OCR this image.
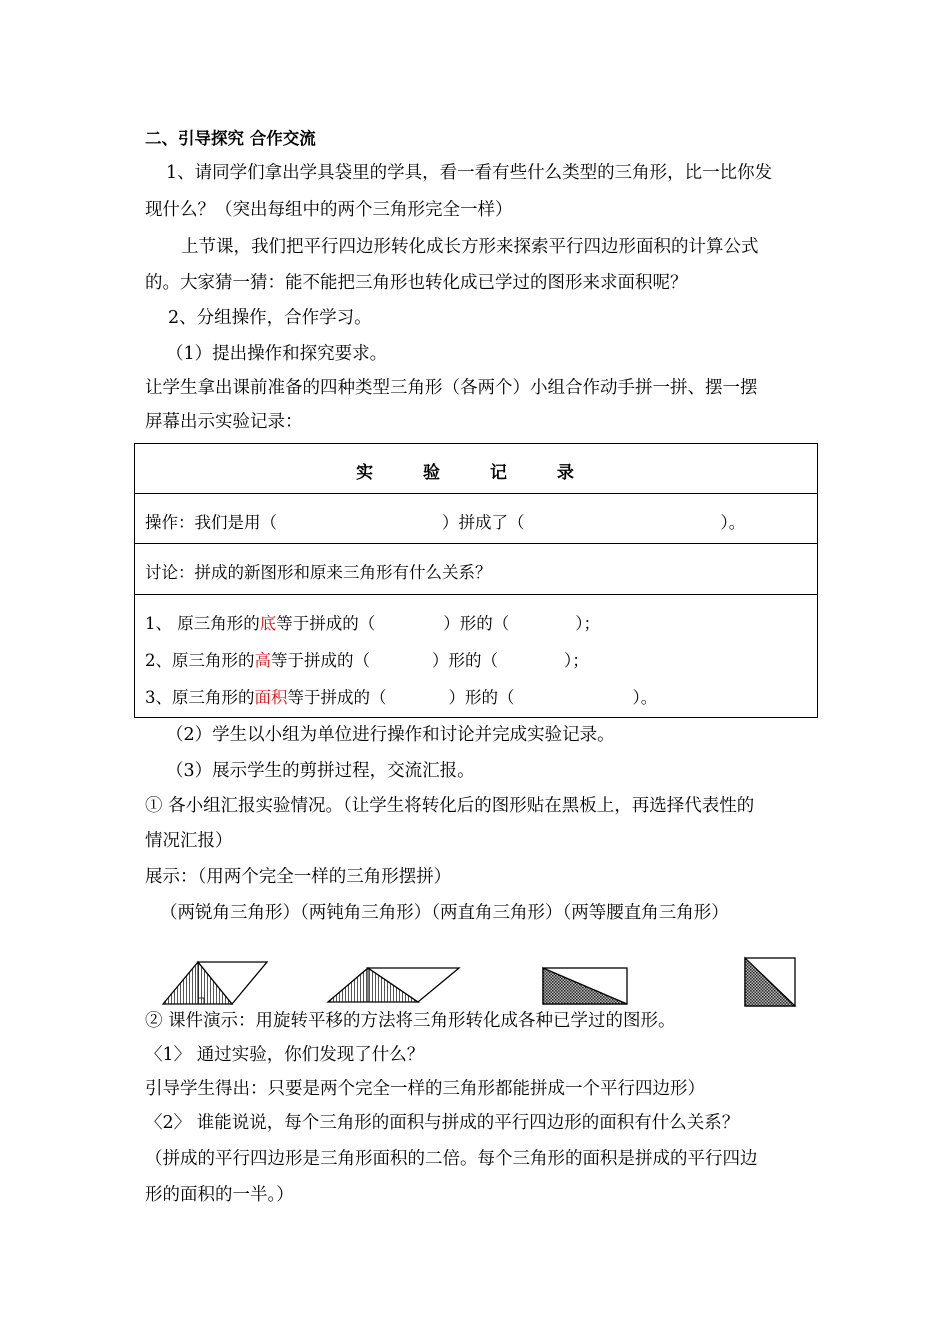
二、引导探究 合作交流
1、请同学们拿出学具袋里的学具，看一看有些什么类型的三角形，比一比你发
现什么？（突出每组中的两个三角形完全一样）
上节课，我们把平行四边形转化成长方形来探索平行四边形面积的计算公式
的。大家猜一猜：能不能把三角形也转化成已学过的图形来求面积呢？
2、分组操作，合作学习。
（1）提出操作和探究要求。
让学生拿出课前准备的四种类型三角形（各两个）小组合作动手拼一拼、摆一摆
屏幕出示实验记录：
实 验 记 录
操作：我们是用（	）拼成了（	）。
讨论：拼成的新图形和原来三角形有什么关系？
1、 原三角形的底等于拼成的（	）形的（	）；
2、原三角形的高等于拼成的（	）形的（	）；
3、原三角形的面积等于拼成的（	）形的（	）。
（2）学生以小组为单位进行操作和讨论并完成实验记录。
（3）展示学生的剪拼过程，交流汇报。
① 各小组汇报实验情况。（让学生将转化后的图形贴在黑板上，再选择代表性的
情况汇报）
展示：（用两个完全一样的三角形摆拼）
（两锐角三角形）（两钝角三角形）（两直角三角形）（两等腰直角三角形）
② 课件演示：用旋转平移的方法将三角形转化成各种已学过的图形。
〈1〉 通过实验，你们发现了什么？
引导学生得出：只要是两个完全一样的三角形都能拼成一个平行四边形）
〈2〉 谁能说说，每个三角形的面积与拼成的平行四边形的面积有什么关系？
（拼成的平行四边形是三角形面积的二倍。每个三角形的面积是拼成的平行四边
形的面积的一半。）
